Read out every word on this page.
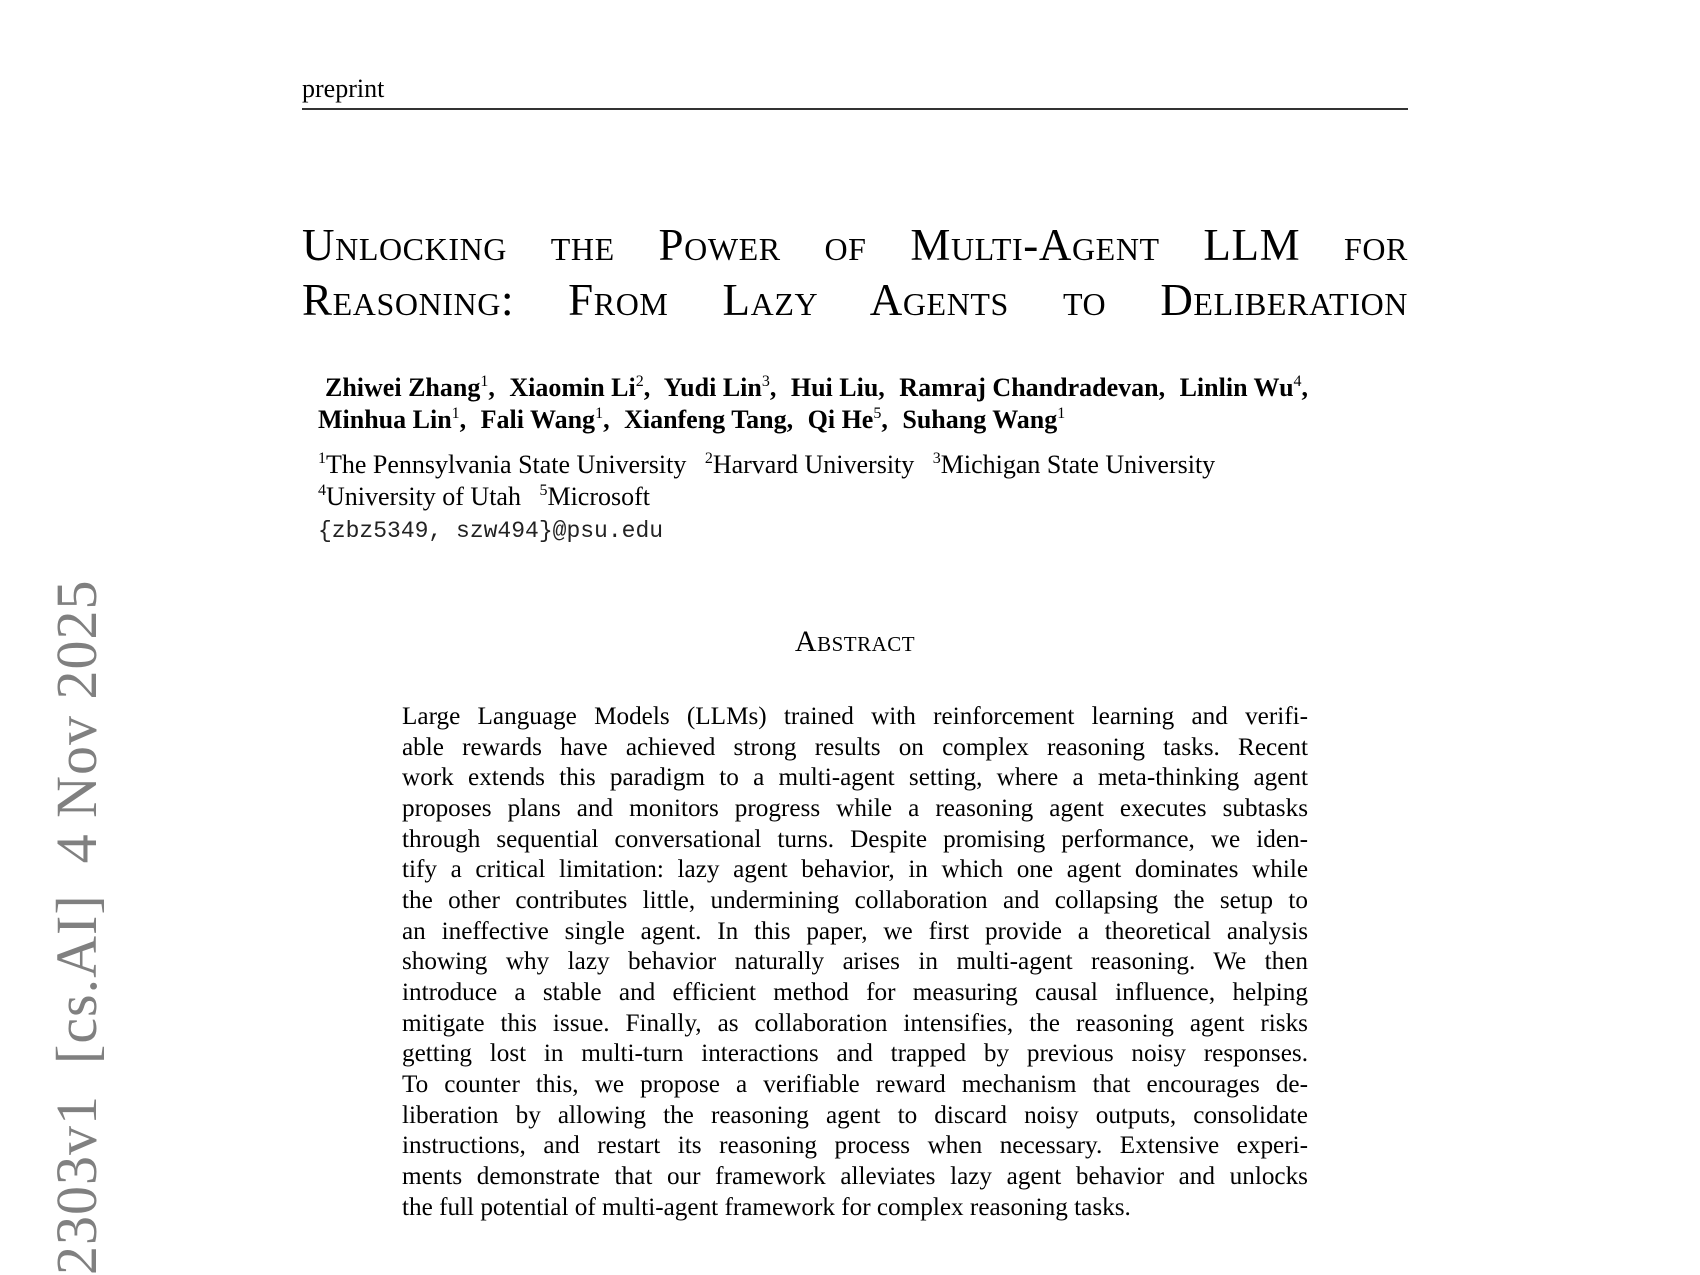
2303v1  [cs.AI]  4 Nov 2025
preprint
Unlocking the Power of Multi-Agent LLM for
Reasoning: From Lazy Agents to Deliberation
Zhiwei Zhang$^1$, Xiaomin Li$^2$, Yudi Lin$^3$, Hui Liu, Ramraj Chandradevan, Linlin Wu$^4$,
Minhua Lin$^1$, Fali Wang$^1$, Xianfeng Tang, Qi He$^5$, Suhang Wang$^1$
$^1$The Pennsylvania State University $^2$Harvard University $^3$Michigan State University
$^4$University of Utah $^5$Microsoft
{zbz5349, szw494}@psu.edu
Abstract
Large Language Models (LLMs) trained with reinforcement learning and verifi-
able rewards have achieved strong results on complex reasoning tasks. Recent
work extends this paradigm to a multi-agent setting, where a meta-thinking agent
proposes plans and monitors progress while a reasoning agent executes subtasks
through sequential conversational turns. Despite promising performance, we iden-
tify a critical limitation: lazy agent behavior, in which one agent dominates while
the other contributes little, undermining collaboration and collapsing the setup to
an ineffective single agent. In this paper, we first provide a theoretical analysis
showing why lazy behavior naturally arises in multi-agent reasoning. We then
introduce a stable and efficient method for measuring causal influence, helping
mitigate this issue. Finally, as collaboration intensifies, the reasoning agent risks
getting lost in multi-turn interactions and trapped by previous noisy responses.
To counter this, we propose a verifiable reward mechanism that encourages de-
liberation by allowing the reasoning agent to discard noisy outputs, consolidate
instructions, and restart its reasoning process when necessary. Extensive experi-
ments demonstrate that our framework alleviates lazy agent behavior and unlocks
the full potential of multi-agent framework for complex reasoning tasks.
